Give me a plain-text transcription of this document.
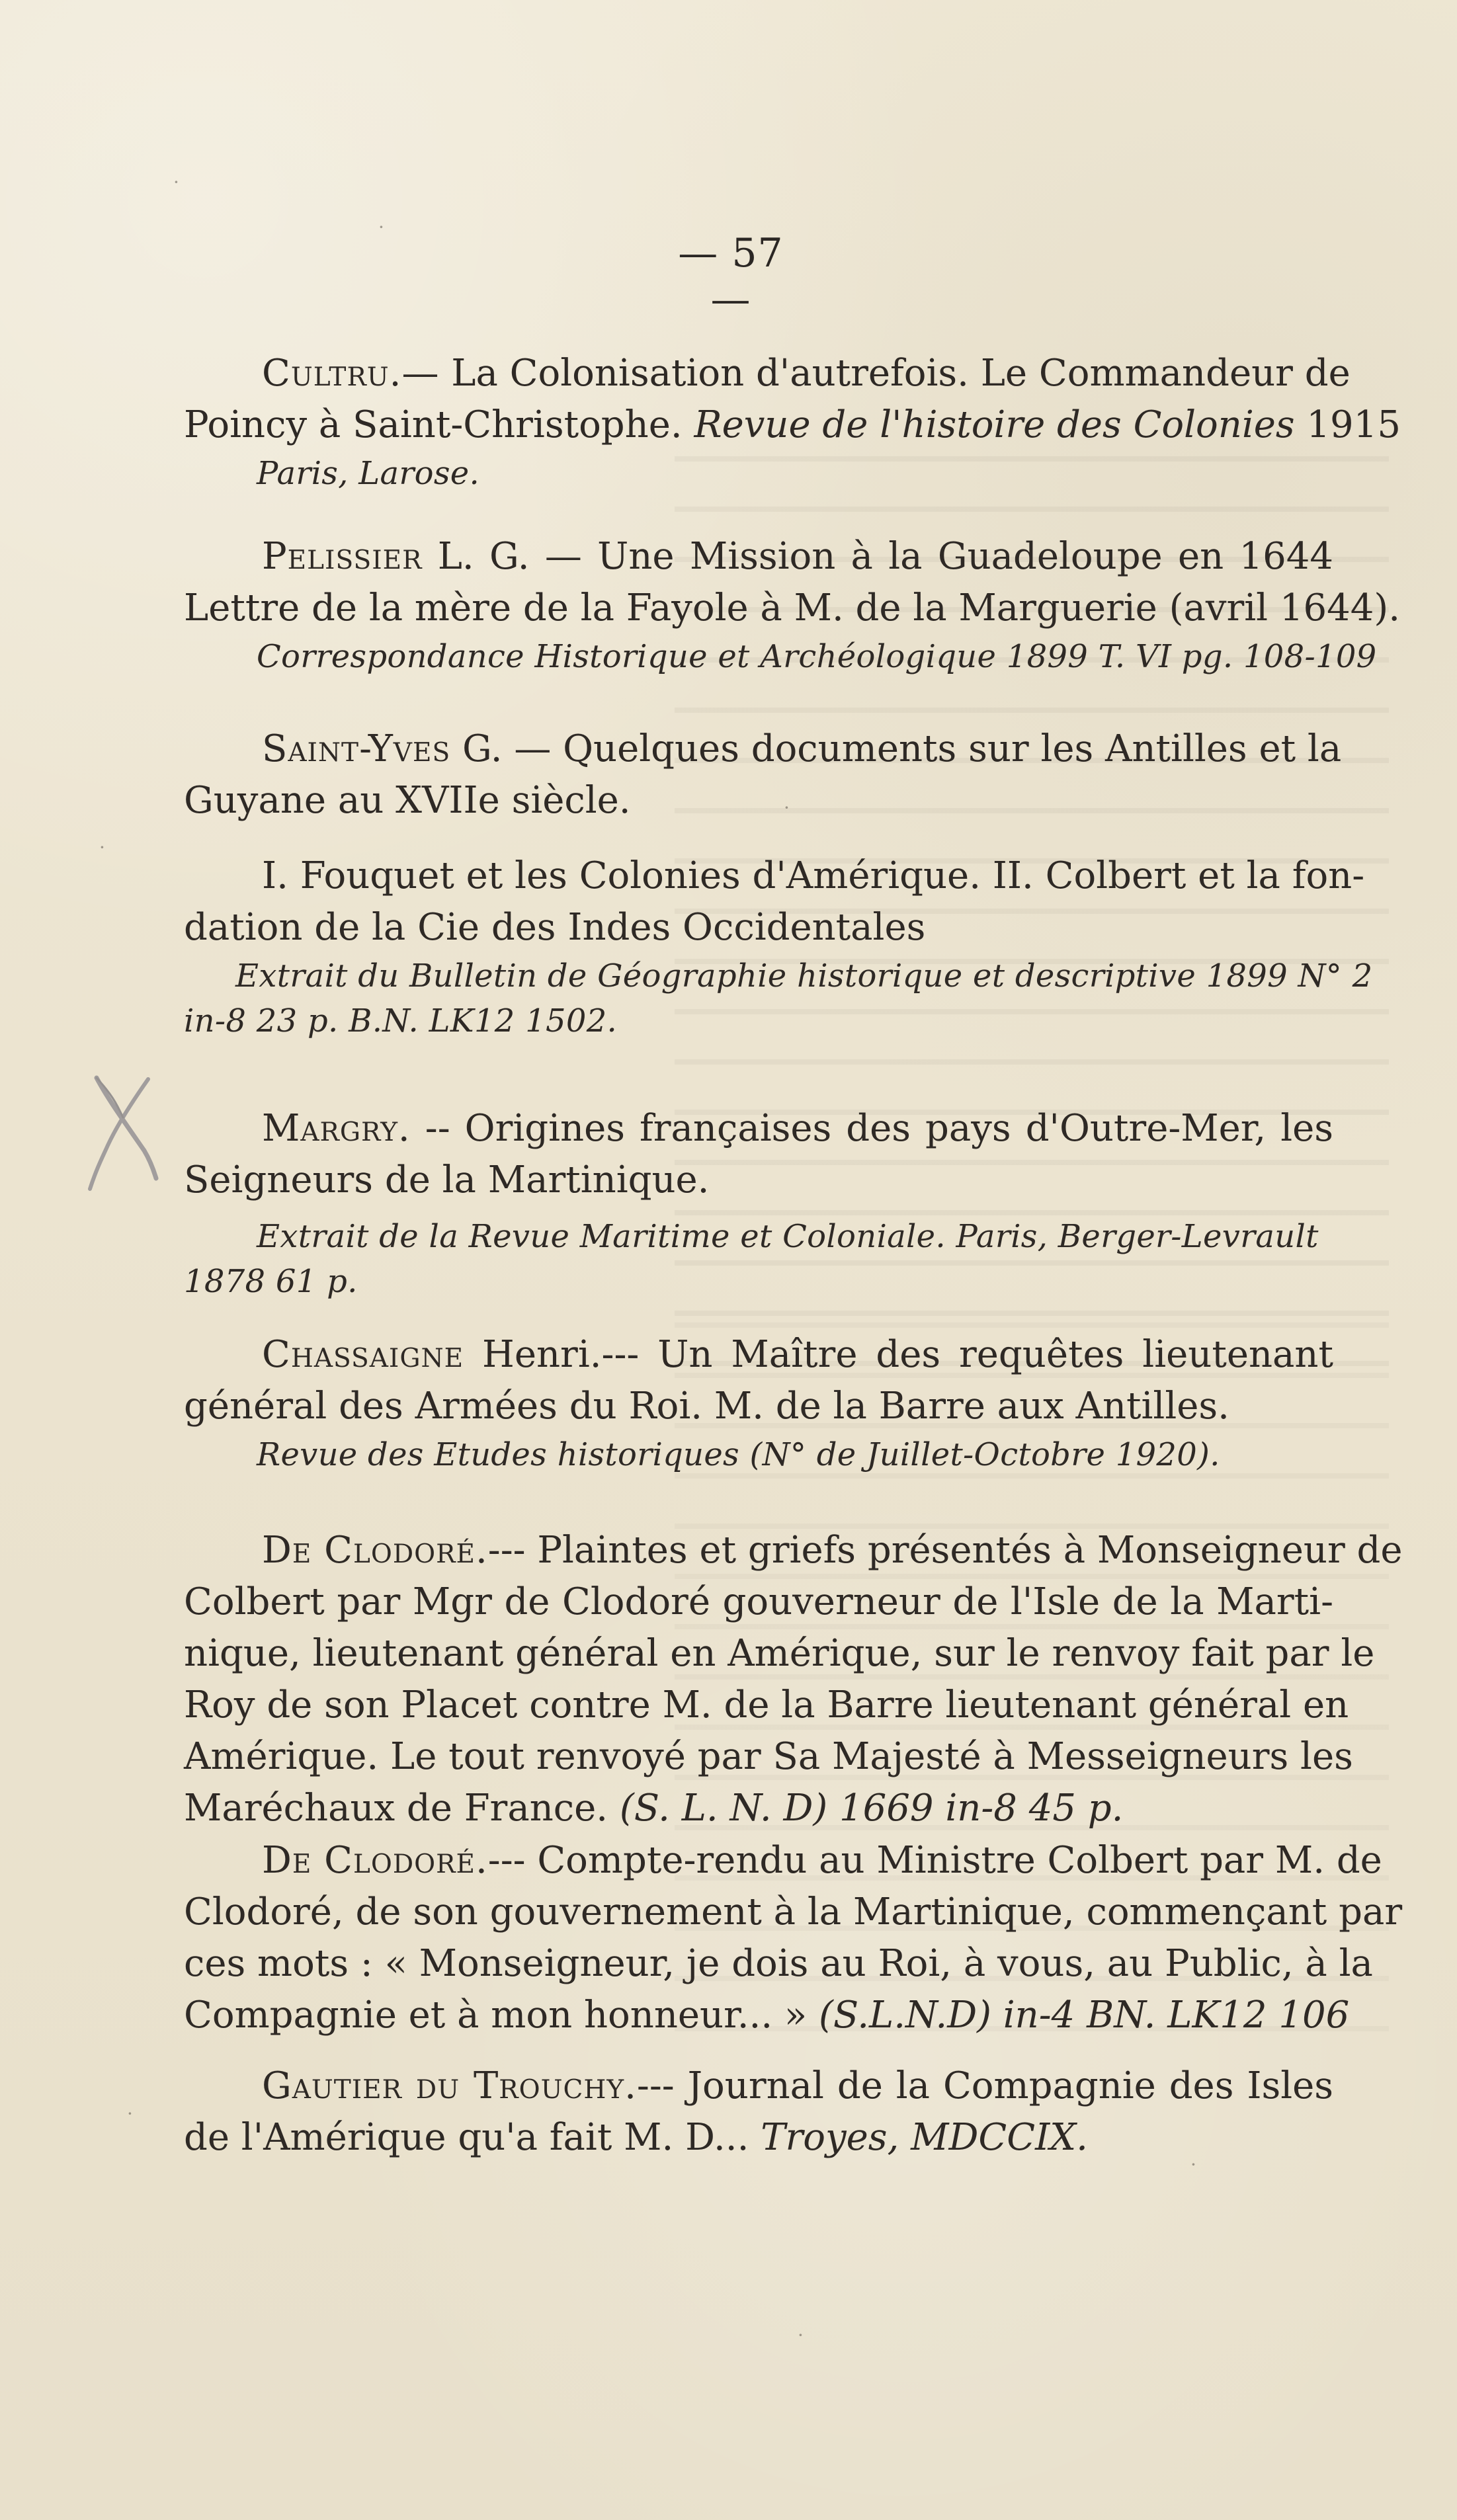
— 57 —
Cultru.— La Colonisation d'autrefois. Le Commandeur de
Poincy à Saint-Christophe. Revue de l'histoire des Colonies 1915
Paris, Larose.
Pelissier L. G. — Une Mission à la Guadeloupe en 1644
Lettre de la mère de la Fayole à M. de la Marguerie (avril 1644).
Correspondance Historique et Archéologique 1899 T. VI pg. 108-109
Saint-Yves G. — Quelques documents sur les Antilles et la
Guyane au XVIIe siècle.
I. Fouquet et les Colonies d'Amérique. II. Colbert et la fon-
dation de la Cie des Indes Occidentales
Extrait du Bulletin de Géographie historique et descriptive 1899 N° 2
in-8 23 p. B.N. LK12 1502.
Margry. -- Origines françaises des pays d'Outre-Mer, les
Seigneurs de la Martinique.
Extrait de la Revue Maritime et Coloniale. Paris, Berger-Levrault
1878 61 p.
Chassaigne Henri.--- Un Maître des requêtes lieutenant
général des Armées du Roi. M. de la Barre aux Antilles.
Revue des Etudes historiques (N° de Juillet-Octobre 1920).
De Clodoré.--- Plaintes et griefs présentés à Monseigneur de
Colbert par Mgr de Clodoré gouverneur de l'Isle de la Marti-
nique, lieutenant général en Amérique, sur le renvoy fait par le
Roy de son Placet contre M. de la Barre lieutenant général en
Amérique. Le tout renvoyé par Sa Majesté à Messeigneurs les
Maréchaux de France. (S. L. N. D) 1669 in-8 45 p.
De Clodoré.--- Compte-rendu au Ministre Colbert par M. de
Clodoré, de son gouvernement à la Martinique, commençant par
ces mots : « Monseigneur, je dois au Roi, à vous, au Public, à la
Compagnie et à mon honneur... » (S.L.N.D) in-4 BN. LK12 106
Gautier du Trouchy.--- Journal de la Compagnie des Isles
de l'Amérique qu'a fait M. D... Troyes, MDCCIX.
·
·
·
·
·
·
·
